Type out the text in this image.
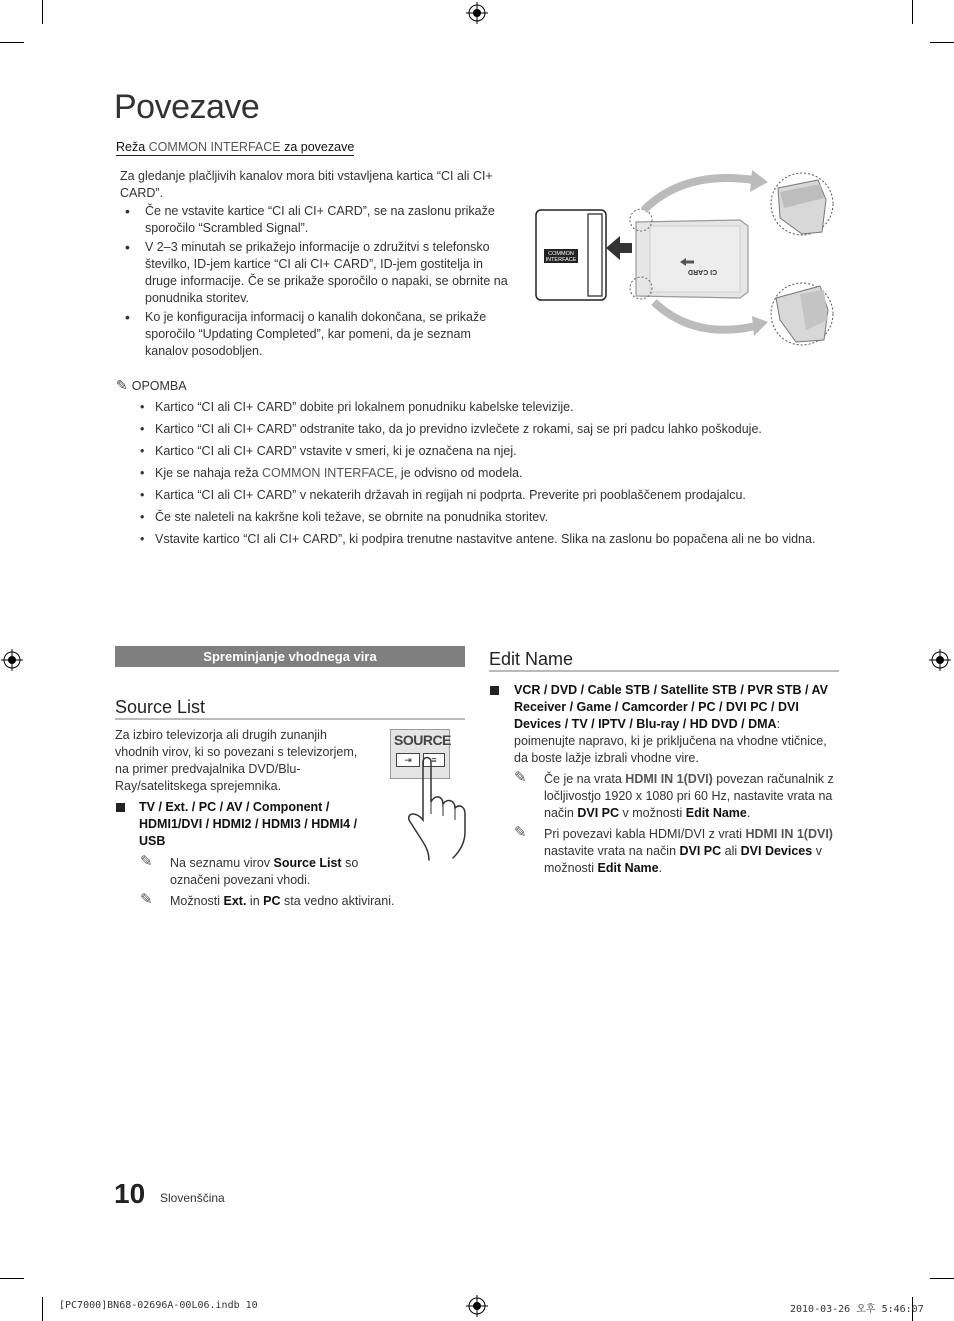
Povezave
Reža COMMON INTERFACE za povezave
Za gledanje plačljivih kanalov mora biti vstavljena kartica “CI ali CI+ CARD”.
• Če ne vstavite kartice “CI ali CI+ CARD”, se na zaslonu prikaže sporočilo “Scrambled Signal”.
• V 2–3 minutah se prikažejo informacije o združitvi s telefonsko številko, ID-jem kartice “CI ali CI+ CARD”, ID-jem gostitelja in druge informacije. Če se prikaže sporočilo o napaki, se obrnite na ponudnika storitev.
• Ko je konfiguracija informacij o kanalih dokončana, se prikaže sporočilo “Updating Completed”, kar pomeni, da je seznam kanalov posodobljen.
COMMON INTERFACE
CI CARD
✎ OPOMBA
• Kartico “CI ali CI+ CARD” dobite pri lokalnem ponudniku kabelske televizije.
• Kartico “CI ali CI+ CARD” odstranite tako, da jo previdno izvlečete z rokami, saj se pri padcu lahko poškoduje.
• Kartico “CI ali CI+ CARD” vstavite v smeri, ki je označena na njej.
• Kje se nahaja reža COMMON INTERFACE, je odvisno od modela.
• Kartica “CI ali CI+ CARD” v nekaterih državah in regijah ni podprta. Preverite pri pooblaščenem prodajalcu.
• Če ste naleteli na kakršne koli težave, se obrnite na ponudnika storitev.
• Vstavite kartico “CI ali CI+ CARD”, ki podpira trenutne nastavitve antene. Slika na zaslonu bo popačena ali ne bo vidna.
Spreminjanje vhodnega vira
Source List
Za izbiro televizorja ali drugih zunanjih vhodnih virov, ki so povezani s televizorjem, na primer predvajalnika DVD/Blu-Ray/satelitskega sprejemnika.
SOURCE
⇥	≡
TV / Ext. / PC / AV / Component / HDMI1/DVI / HDMI2 / HDMI3 / HDMI4 / USB
✎ Na seznamu virov Source List so označeni povezani vhodi.
✎ Možnosti Ext. in PC sta vedno aktivirani.
Edit Name
VCR / DVD / Cable STB / Satellite STB / PVR STB / AV Receiver / Game / Camcorder / PC / DVI PC / DVI Devices / TV / IPTV / Blu-ray / HD DVD / DMA: poimenujte napravo, ki je priključena na vhodne vtičnice, da boste lažje izbrali vhodne vire.
✎ Če je na vrata HDMI IN 1(DVI) povezan računalnik z ločljivostjo 1920 x 1080 pri 60 Hz, nastavite vrata na način DVI PC v možnosti Edit Name.
✎ Pri povezavi kabla HDMI/DVI z vrati HDMI IN 1(DVI) nastavite vrata na način DVI PC ali DVI Devices v možnosti Edit Name.
10 Slovenščina
[PC7000]BN68-02696A-00L06.indb 10	2010-03-26 오후 5:46:07
